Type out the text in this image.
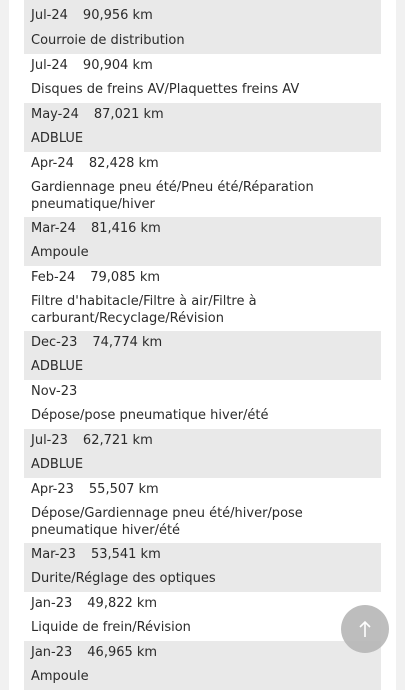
Jul-24 90,956 km
Courroie de distribution
Jul-24 90,904 km
Disques de freins AV/Plaquettes freins AV
May-24 87,021 km
ADBLUE
Apr-24 82,428 km
Gardiennage pneu été/Pneu été/Réparation pneumatique/hiver
Mar-24 81,416 km
Ampoule
Feb-24 79,085 km
Filtre d'habitacle/Filtre à air/Filtre à carburant/Recyclage/Révision
Dec-23 74,774 km
ADBLUE
Nov-23
Dépose/pose pneumatique hiver/été
Jul-23 62,721 km
ADBLUE
Apr-23 55,507 km
Dépose/Gardiennage pneu été/hiver/pose pneumatique hiver/été
Mar-23 53,541 km
Durite/Réglage des optiques
Jan-23 49,822 km
Liquide de frein/Révision
Jan-23 46,965 km
Ampoule
